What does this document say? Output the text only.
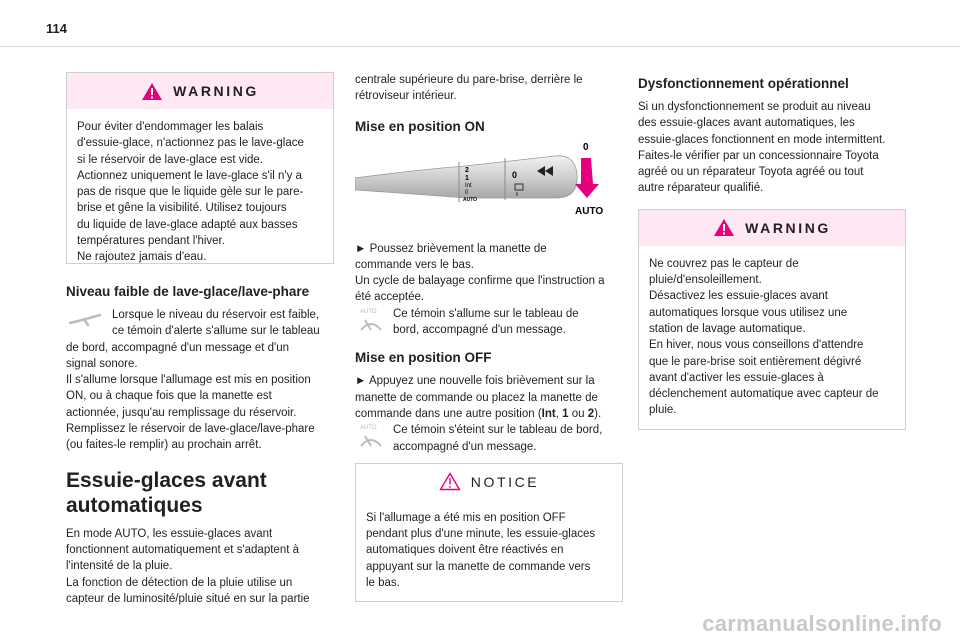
114
WARNING

Pour éviter d'endommager les balais

d'essuie-glace, n'actionnez pas le lave-glace

si le réservoir de lave-glace est vide.

Actionnez uniquement le lave-glace s'il n'y a

pas de risque que le liquide gèle sur le pare-

brise et gêne la visibilité. Utilisez toujours

du liquide de lave-glace adapté aux basses

températures pendant l'hiver.

Ne rajoutez jamais d'eau.

Niveau faible de lave-glace/lave-phare

Lorsque le niveau du réservoir est faible,

ce témoin d'alerte s'allume sur le tableau

de bord, accompagné d'un message et d'un

signal sonore.

Il s'allume lorsque l'allumage est mis en position

ON, ou à chaque fois que la manette est

actionnée, jusqu'au remplissage du réservoir.

Remplissez le réservoir de lave-glace/lave-phare

(ou faites-le remplir) au prochain arrêt.

Essuie-glaces avant
automatiques

En mode AUTO, les essuie-glaces avant

fonctionnent automatiquement et s'adaptent à

l'intensité de la pluie.

La fonction de détection de la pluie utilise un

capteur de luminosité/pluie situé en sur la partie

centrale supérieure du pare-brise, derrière le

rétroviseur intérieur.

Mise en position ON
2
1
Int
0
AUTO
0
0
AUTO

► Poussez brièvement la manette de

commande vers le bas.

Un cycle de balayage confirme que l'instruction a

été acceptée.

AUTO Ce témoin s'allume sur le tableau de

bord, accompagné d'un message.

Mise en position OFF

► Appuyez une nouvelle fois brièvement sur la

manette de commande ou placez la manette de

commande dans une autre position (Int, 1 ou 2).

AUTO Ce témoin s'éteint sur le tableau de bord,

accompagné d'un message.

NOTICE

Si l'allumage a été mis en position OFF

pendant plus d'une minute, les essuie-glaces

automatiques doivent être réactivés en

appuyant sur la manette de commande vers

le bas.

Dysfonctionnement opérationnel

Si un dysfonctionnement se produit au niveau

des essuie-glaces avant automatiques, les

essuie-glaces fonctionnent en mode intermittent.

Faites-le vérifier par un concessionnaire Toyota

agréé ou un réparateur Toyota agréé ou tout

autre réparateur qualifié.

WARNING

Ne couvrez pas le capteur de

pluie/d'ensoleillement.

Désactivez les essuie-glaces avant

automatiques lorsque vous utilisez une

station de lavage automatique.

En hiver, nous vous conseillons d'attendre

que le pare-brise soit entièrement dégivré

avant d'activer les essuie-glaces à

déclenchement automatique avec capteur de

pluie.

carmanualsonline.info
